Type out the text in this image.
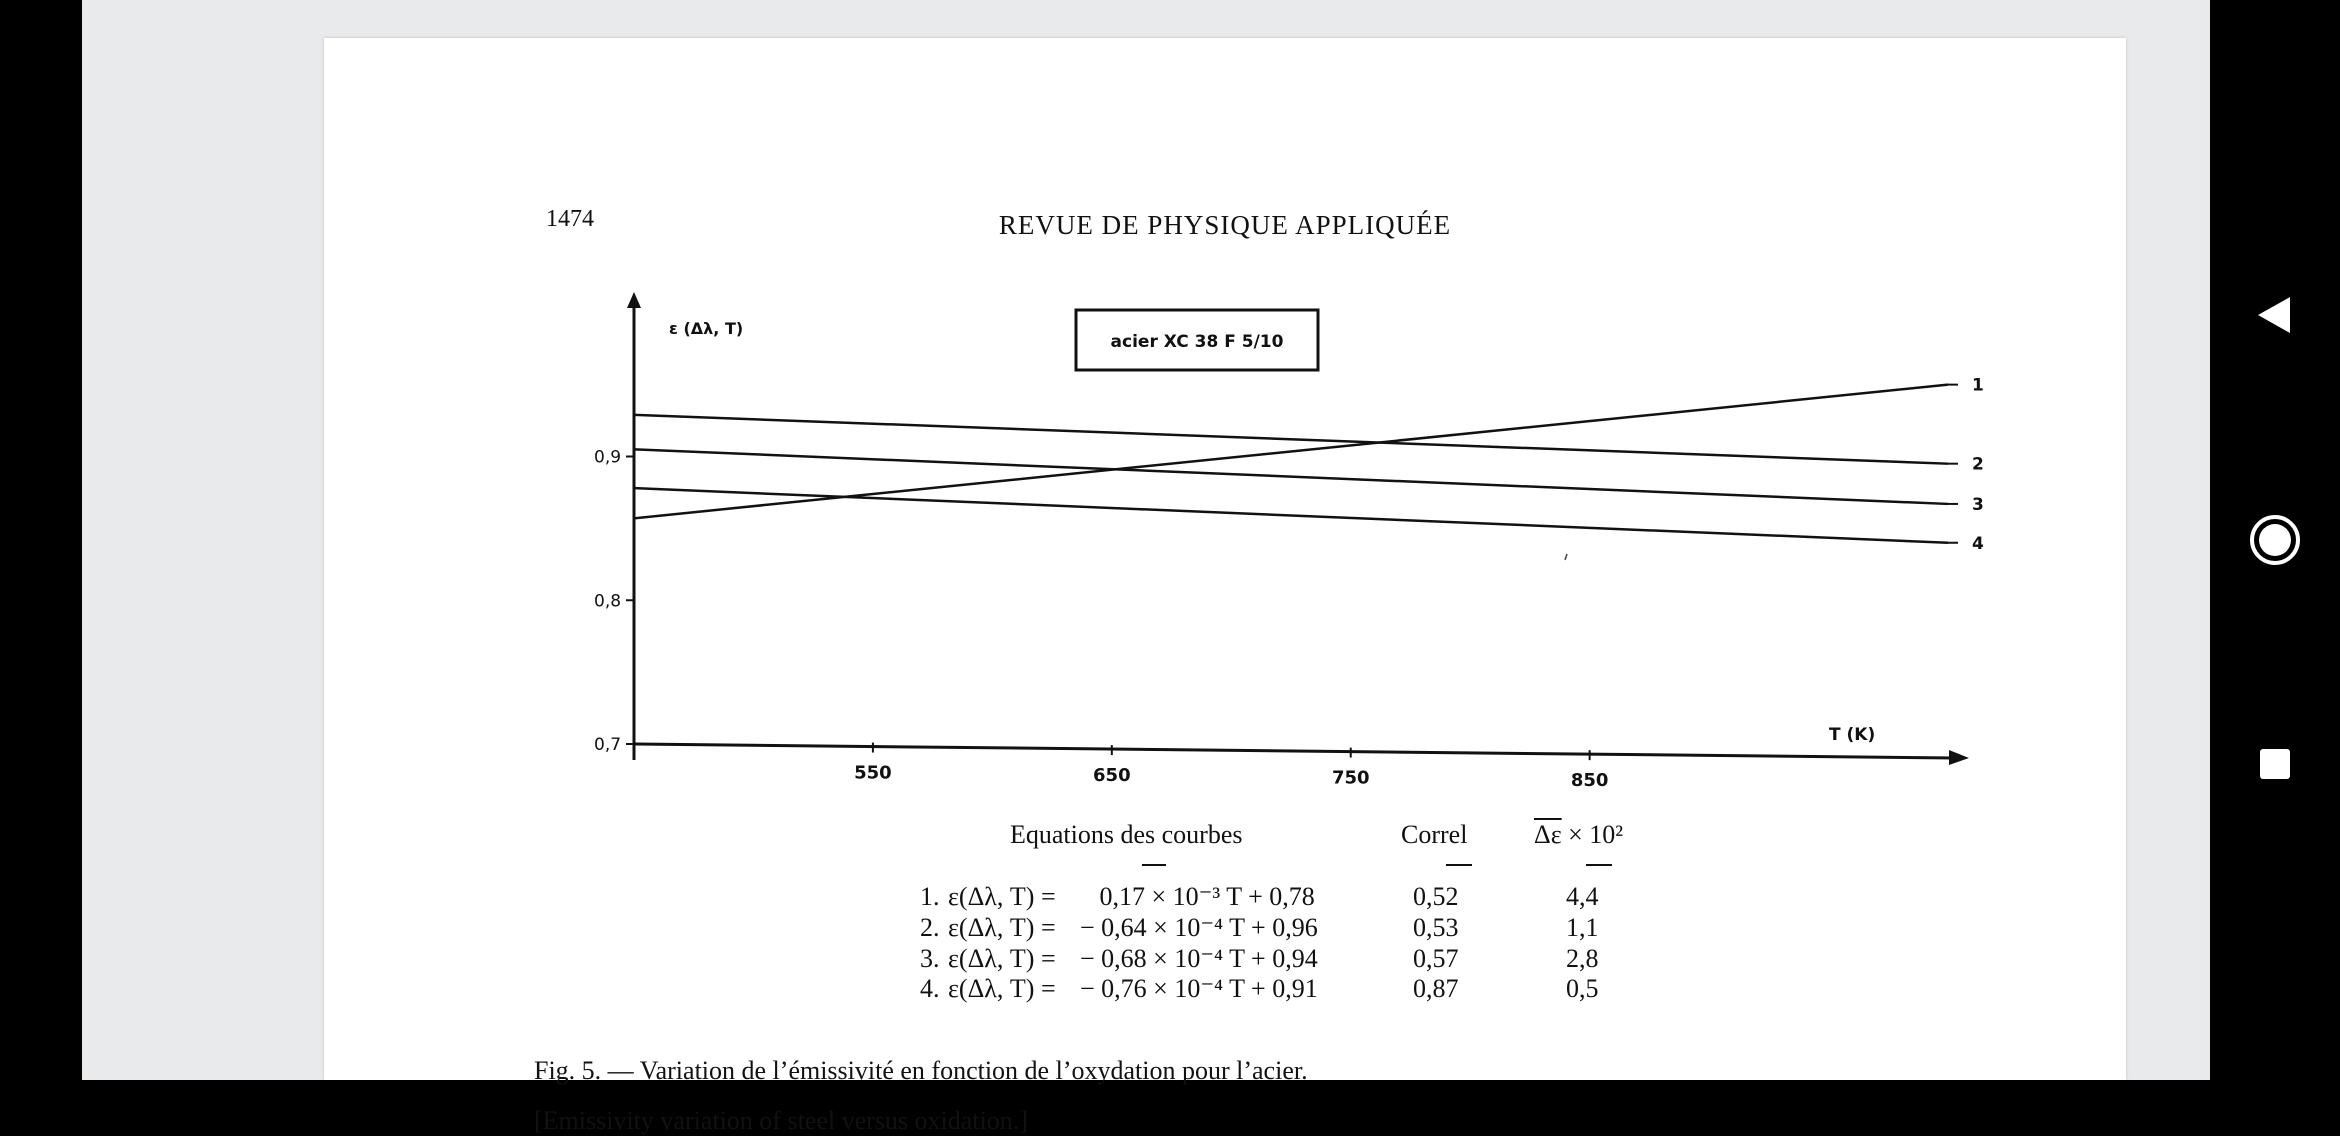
1474	REVUE DE PHYSIQUE APPLIQUÉE
ε (Δλ, T)
T (K)
acier XC 38 F 5/10
0,7
0,8
0,9
550	650	750	850
1
2
3
4
Equations des courbes	Correl	$\overline{\Delta\varepsilon} \times 10^2$
1. ε(Δλ, T) = 0,17 × 10⁻³ T + 0,78	0,52	4,4
2. ε(Δλ, T) = − 0,64 × 10⁻⁴ T + 0,96	0,53	1,1
3. ε(Δλ, T) = − 0,68 × 10⁻⁴ T + 0,94	0,57	2,8
4. ε(Δλ, T) = − 0,76 × 10⁻⁴ T + 0,91	0,87	0,5
Fig. 5. — Variation de l’émissivité en fonction de l’oxydation pour l’acier.
[Emissivity variation of steel versus oxidation.]
